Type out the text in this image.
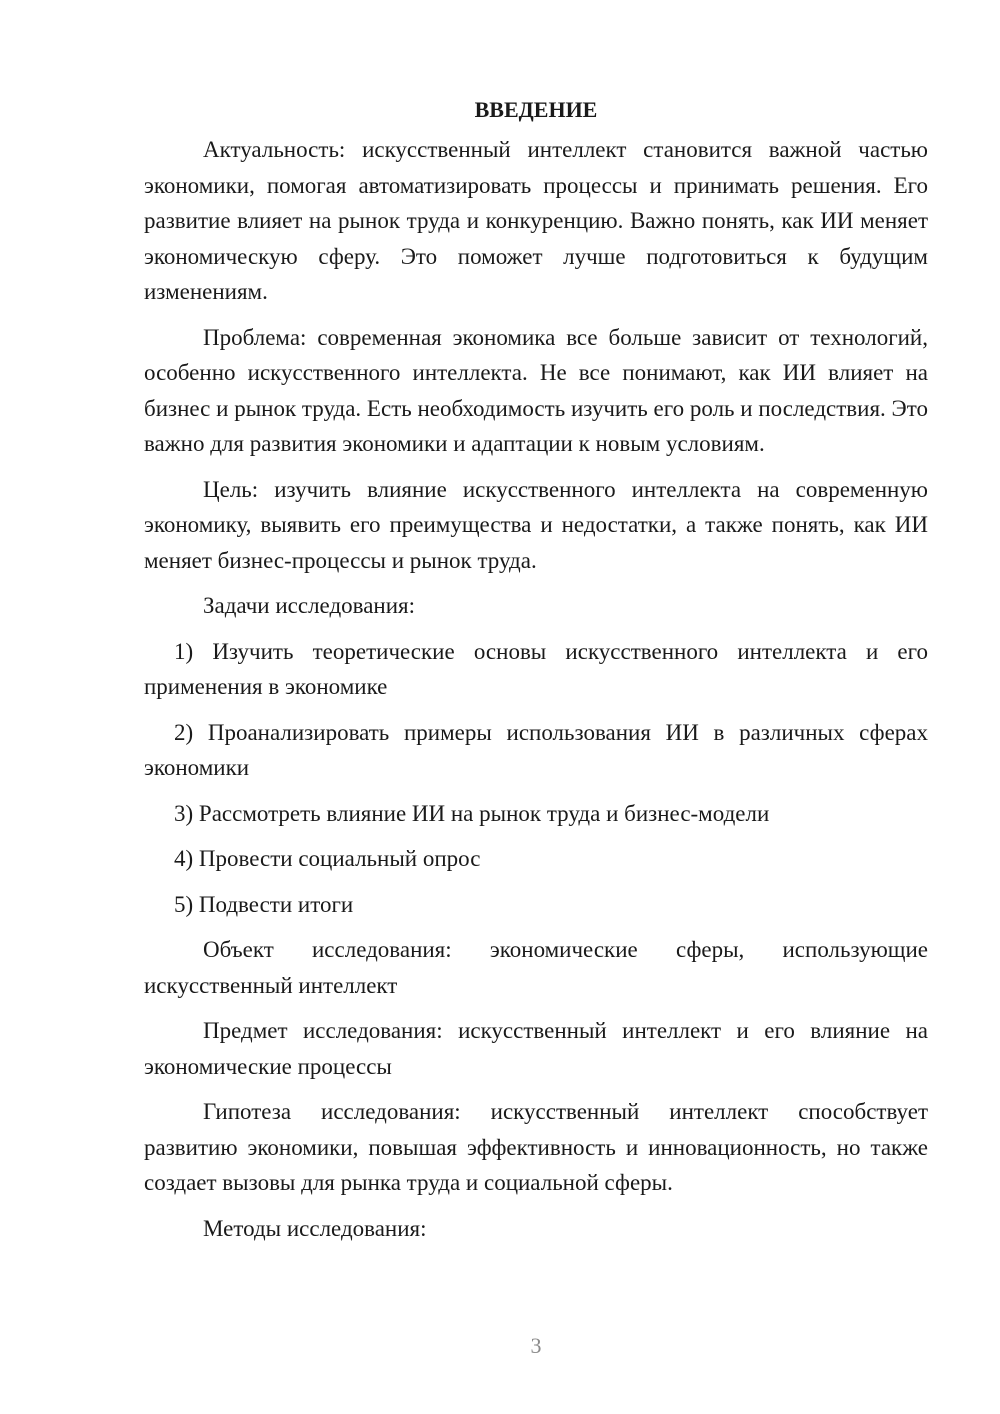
ВВЕДЕНИЕ

Актуальность: искусственный интеллект становится важной частью экономики, помогая автоматизировать процессы и принимать решения. Его развитие влияет на рынок труда и конкуренцию. Важно понять, как ИИ меняет экономическую сферу. Это поможет лучше подготовиться к будущим изменениям.

Проблема: современная экономика все больше зависит от технологий, особенно искусственного интеллекта. Не все понимают, как ИИ влияет на бизнес и рынок труда. Есть необходимость изучить его роль и последствия. Это важно для развития экономики и адаптации к новым условиям.

Цель: изучить влияние искусственного интеллекта на современную экономику, выявить его преимущества и недостатки, а также понять, как ИИ меняет бизнес-процессы и рынок труда.

Задачи исследования:

1) Изучить теоретические основы искусственного интеллекта и его применения в экономике

2) Проанализировать примеры использования ИИ в различных сферах экономики

3) Рассмотреть влияние ИИ на рынок труда и бизнес-модели

4) Провести социальный опрос

5) Подвести итоги

Объект исследования: экономические сферы, использующие искусственный интеллект

Предмет исследования: искусственный интеллект и его влияние на экономические процессы

Гипотеза исследования: искусственный интеллект способствует развитию экономики, повышая эффективность и инновационность, но также создает вызовы для рынка труда и социальной сферы.

Методы исследования:

3
